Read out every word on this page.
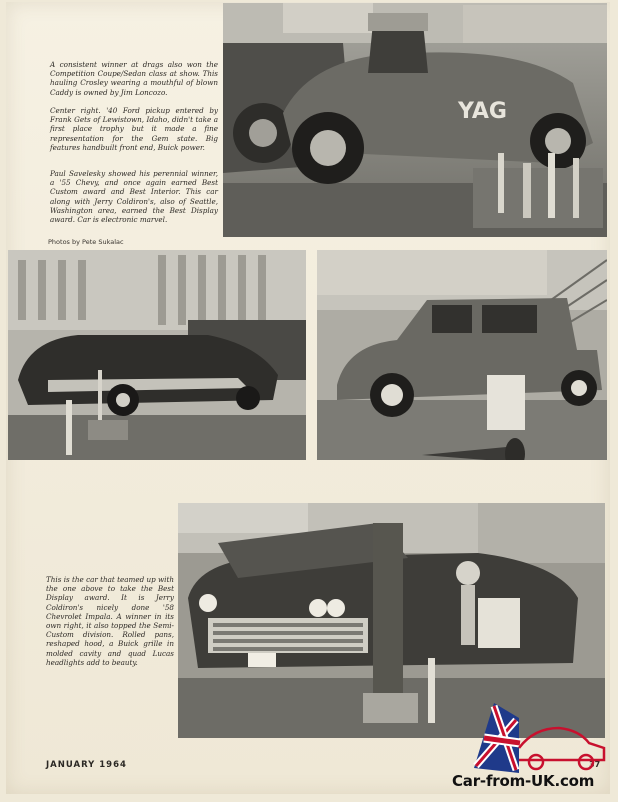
YAG

A consistent winner at drags also won the Competition Coupe/Sedan class at show. This hauling Crosley wearing a mouthful of blown Caddy is owned by Jim Loncozo.

Center right. '40 Ford pickup entered by Frank Gets of Lewistown, Idaho, didn't take a first place trophy but it made a fine representation for the Gem state. Big features handbuilt front end, Buick power.

Paul Savelesky showed his perennial winner, a '55 Chevy, and once again earned Best Custom award and Best Interior. This car along with Jerry Coldiron's, also of Seattle, Washington area, earned the Best Display award. Car is electronic marvel.

Photos by Pete Sukalac

This is the car that teamed up with the one above to take the Best Display award. It is Jerry Coldiron's nicely done '58 Chevrolet Impala. A winner in its own right, it also topped the Semi-Custom division. Rolled pans, reshaped hood, a Buick grille in molded cavity and quad Lucas headlights add to beauty.

JANUARY 1964	37

Car-from-UK.com
